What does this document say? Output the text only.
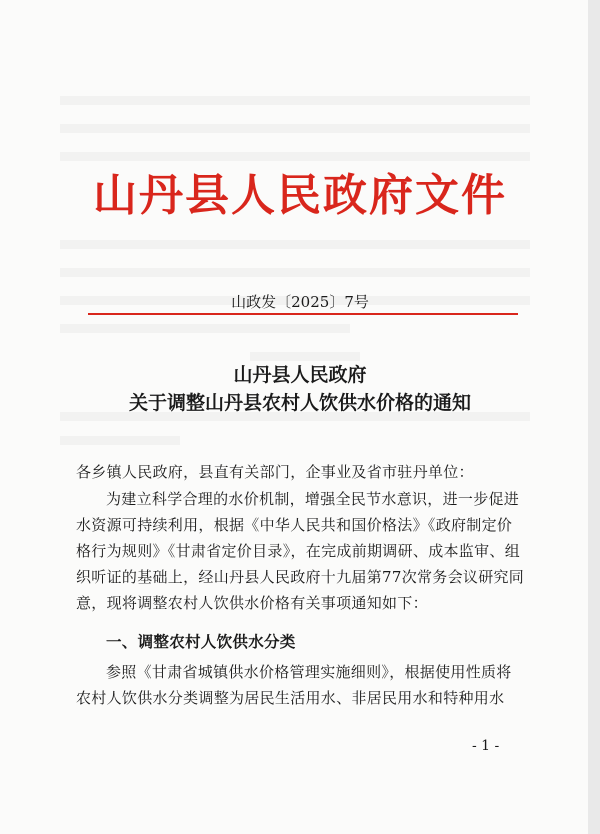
山丹县人民政府文件
山政发〔2025〕7号
山丹县人民政府
关于调整山丹县农村人饮供水价格的通知
各乡镇人民政府，县直有关部门，企事业及省市驻丹单位：
为建立科学合理的水价机制，增强全民节水意识，进一步促进水资源可持续利用，根据《中华人民共和国价格法》《政府制定价格行为规则》《甘肃省定价目录》，在完成前期调研、成本监审、组织听证的基础上，经山丹县人民政府十九届第77次常务会议研究同意，现将调整农村人饮供水价格有关事项通知如下：
一、调整农村人饮供水分类
参照《甘肃省城镇供水价格管理实施细则》，根据使用性质将农村人饮供水分类调整为居民生活用水、非居民用水和特种用水
- 1 -
